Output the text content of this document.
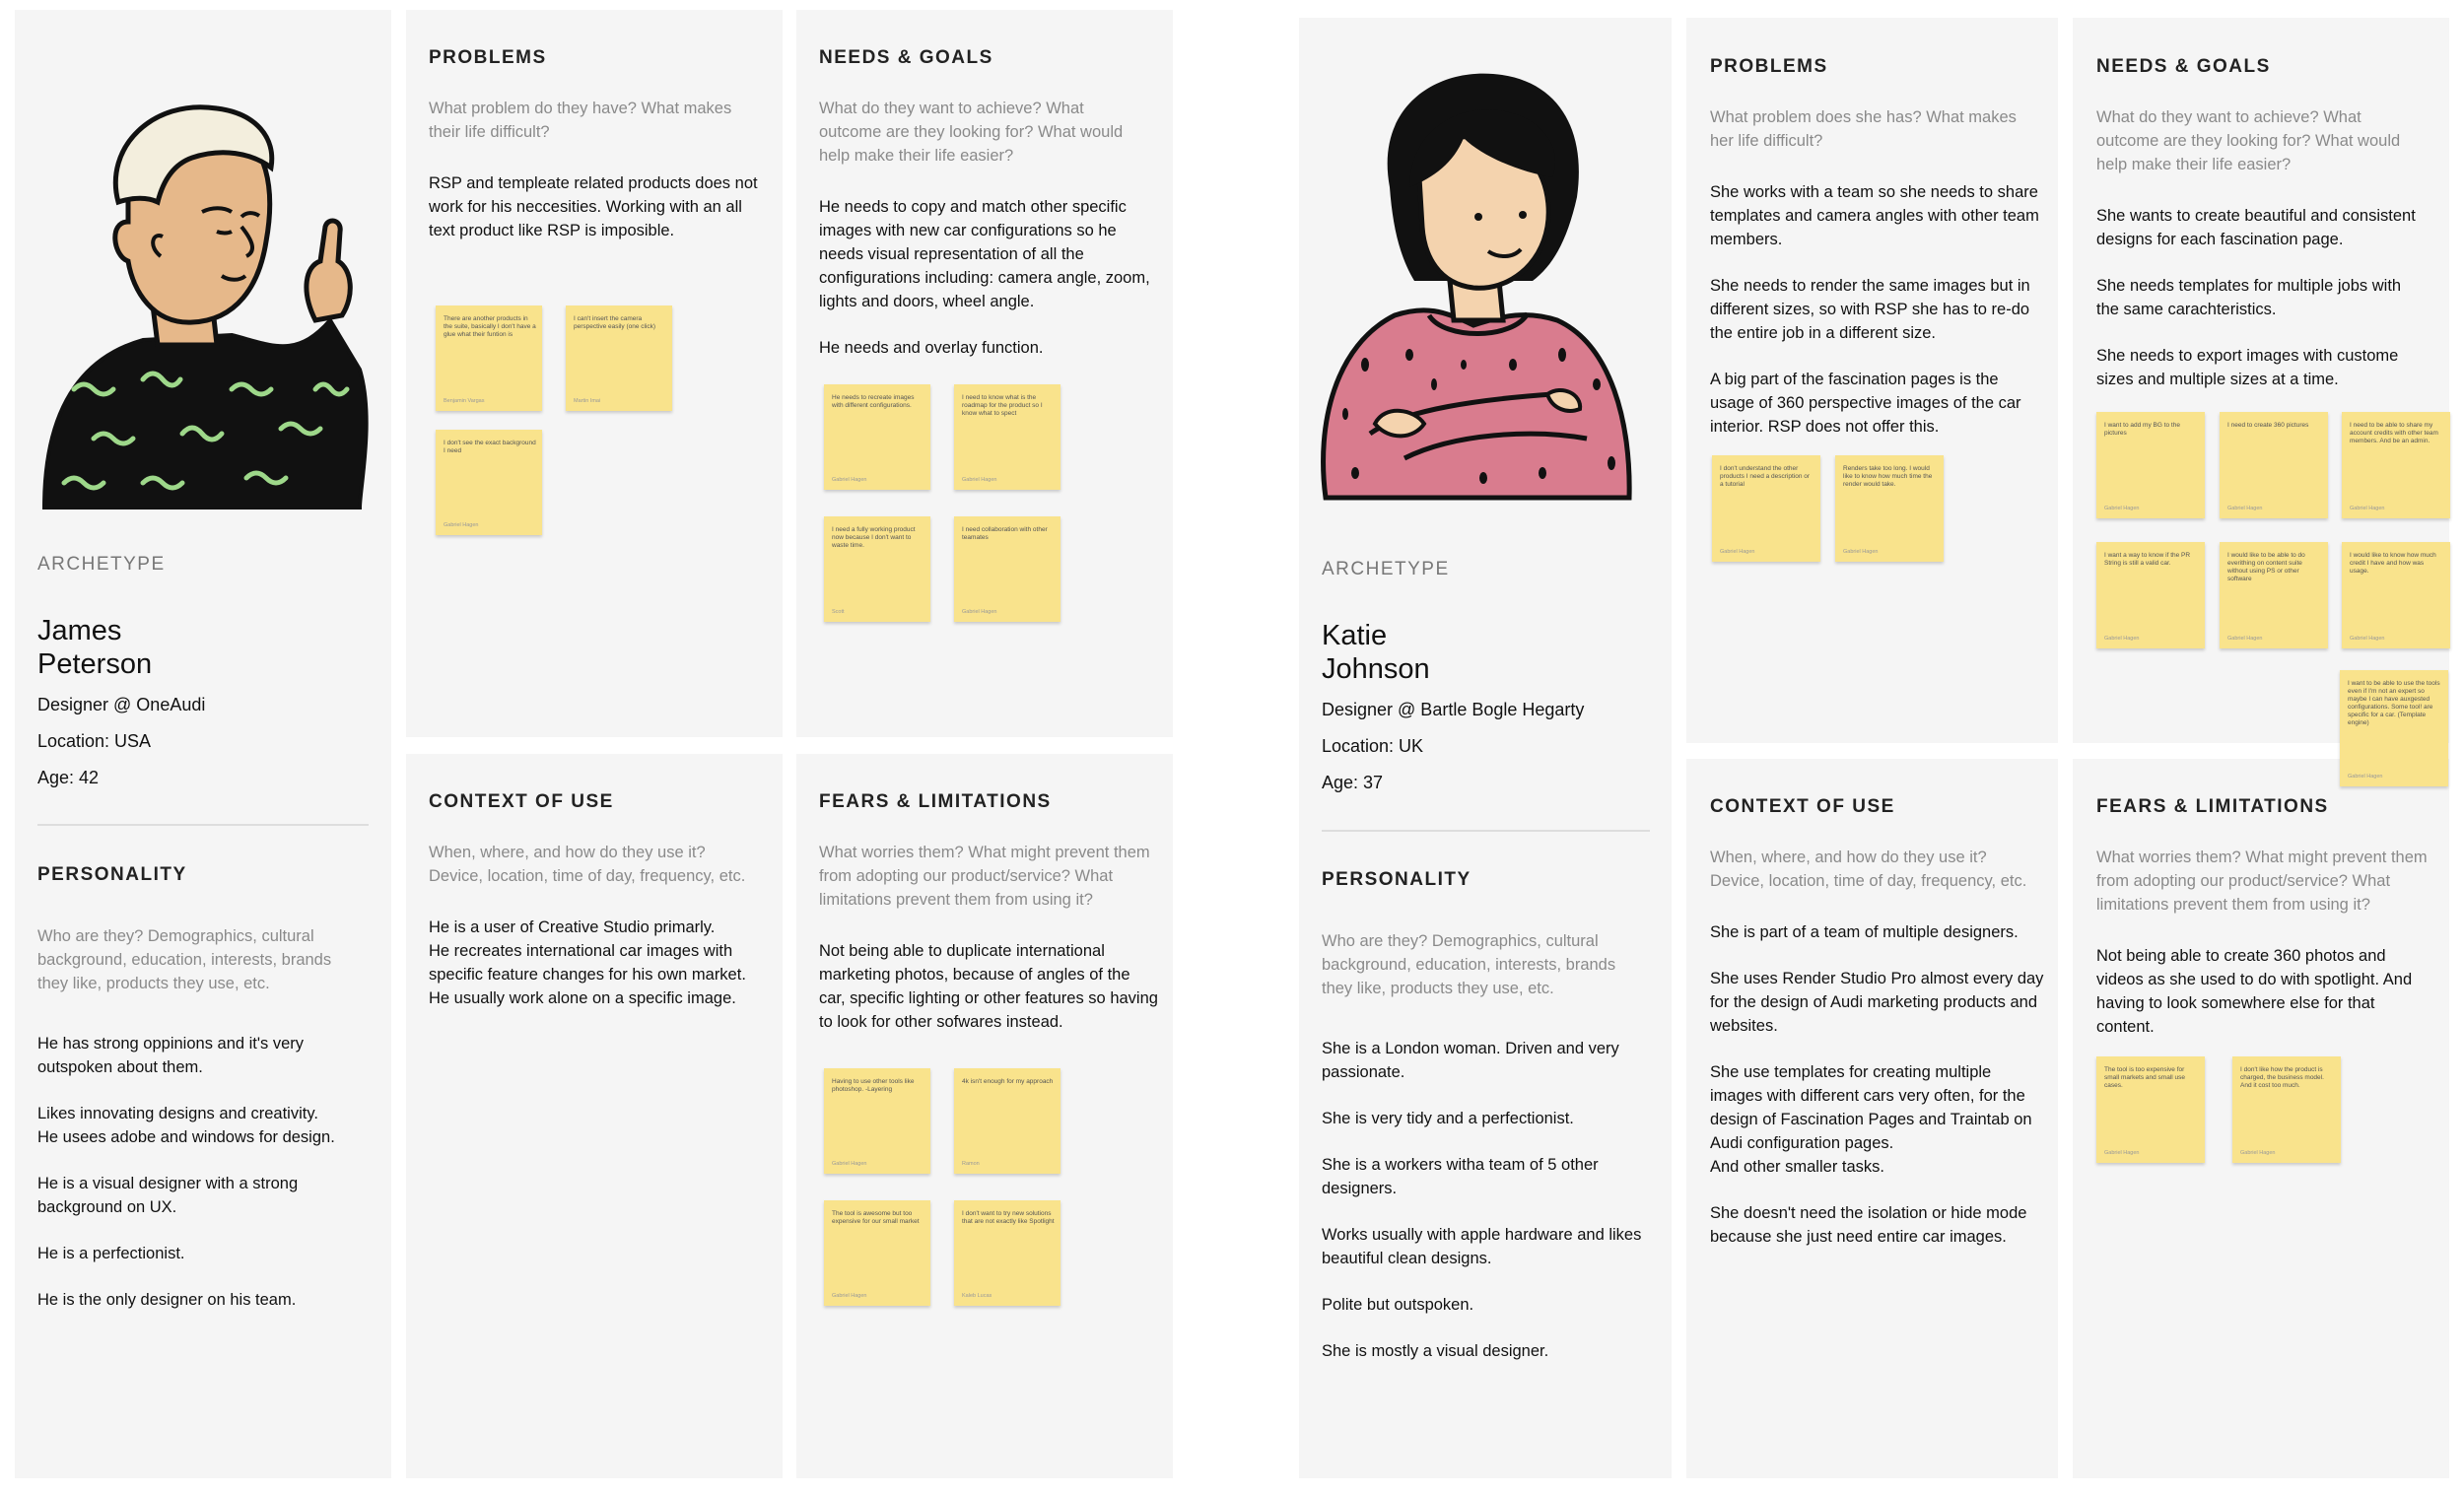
ARCHETYPE
James
Peterson
Designer @ OneAudi
Location: USA
Age: 42
PERSONALITY
Who are they? Demographics, cultural background, education, interests, brands they like, products they use, etc.

He has strong oppinions and it's very outspoken about them.

Likes innovating designs and creativity.
He usees adobe and windows for design.

He is a visual designer with a strong background on UX.

He is a perfectionist.

He is the only designer on his team.

PROBLEMS
What problem do they have? What makes their life difficult?

RSP and templeate related products does not work for his neccesities. Working with an all text product like RSP is imposible.

There are another products in the suite, basically I don't have a glue what their funtion is
Benjamin Vargas
I can't insert the camera perspective easily (one click)
Martin Imai
I don't see the exact background I need
Gabriel Hagen
NEEDS & GOALS
What do they want to achieve? What outcome are they looking for? What would help make their life easier?

He needs to copy and match other specific images with new car configurations so he needs visual representation of all the configurations including: camera angle, zoom, lights and doors, wheel angle.

He needs and overlay function.

He needs to recreate images with different configurations.
Gabriel Hagen
I need to know what is the roadmap for the product so I know what to spect
Gabriel Hagen
I need a fully working product now because I don't want to waste time.
Scott
I need collaboration with other teamates
Gabriel Hagen
CONTEXT OF USE
When, where, and how do they use it? Device, location, time of day, frequency, etc.

He is a user of Creative Studio primarly.
He recreates international car images with specific feature changes for his own market.
He usually work alone on a specific image.

FEARS & LIMITATIONS
What worries them? What might prevent them from adopting our product/service? What limitations prevent them from using it?

Not being able to duplicate international marketing photos, because of angles of the car, specific lighting or other features so having to look for other sofwares instead.

Having to use other tools like photoshop. -Layering
Gabriel Hagen
4k isn't enough for my approach
Ramon
The tool is awesome but too expensive for our small market
Gabriel Hagen
I don't want to try new solutions that are not exactly like Spotlight
Kaleb Lucas
ARCHETYPE
Katie
Johnson
Designer @ Bartle Bogle Hegarty
Location: UK
Age: 37
PERSONALITY
Who are they? Demographics, cultural background, education, interests, brands they like, products they use, etc.

She is a London woman. Driven and very passionate.

She is very tidy and a perfectionist.

She is a workers witha team of 5 other designers.

Works usually with apple hardware and likes beautiful clean designs.

Polite but outspoken.

She is mostly a visual designer.

PROBLEMS
What problem does she has? What makes her life difficult?

She works with a team so she needs to share templates and camera angles with other team members.

She needs to render the same images but in different sizes, so with RSP she has to re-do the entire job in a different size.

A big part of the fascination pages is the usage of 360 perspective images of the car interior. RSP does not offer this.

I don't understand the other products I need a description or a tutorial
Gabriel Hagen
Renders take too long. I would like to know how much time the render would take.
Gabriel Hagen
NEEDS & GOALS
What do they want to achieve? What outcome are they looking for? What would help make their life easier?

She wants to create beautiful and consistent designs for each fascination page.

She needs templates for multiple jobs with the same carachteristics.

She needs to export images with custome sizes and multiple sizes at a time.

I want to add my BG to the pictures
Gabriel Hagen
I need to create 360 pictures
Gabriel Hagen
I need to be able to share my account credits with other team members. And be an admin.
Gabriel Hagen
I want a way to know if the PR String is still a valid car.
Gabriel Hagen
I would like to be able to do everithing on content suite without using PS or other software
Gabriel Hagen
I would like to know how much credit I have and how was usage.
Gabriel Hagen
I want to be able to use the tools even if I'm not an expert so maybe I can have auxgested configurations. Some tool! are specific for a car. (Template engine)
Gabriel Hagen
CONTEXT OF USE
When, where, and how do they use it? Device, location, time of day, frequency, etc.

She is part of a team of multiple designers.

She uses Render Studio Pro almost every day for the design of Audi marketing products and websites.

She use templates for creating multiple images with different cars very often, for the design of Fascination Pages and Traintab on Audi configuration pages.
And other smaller tasks.

She doesn't need the isolation or hide mode because she just need entire car images.

FEARS & LIMITATIONS
What worries them? What might prevent them from adopting our product/service? What limitations prevent them from using it?

Not being able to create 360 photos and videos as she used to do with spotlight. And having to look somewhere else for that content.

The tool is too expensive for small markets and small use cases.
Gabriel Hagen
I don't like how the product is charged, the business model. And it cost too much.
Gabriel Hagen
